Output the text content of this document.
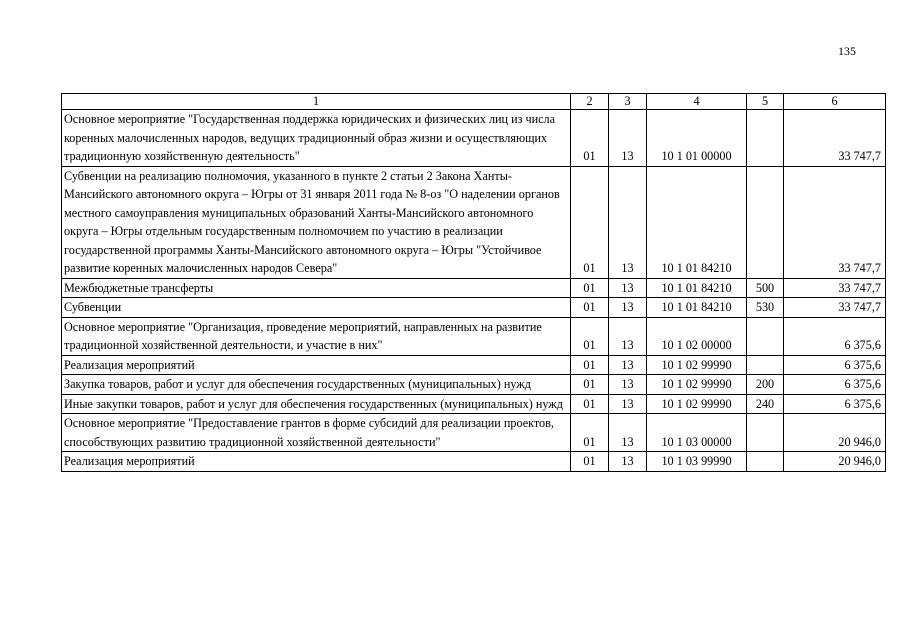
135
1	2	3	4	5	6
Основное мероприятие "Государственная поддержка юридических и физических лиц из числа коренных малочисленных народов, ведущих традиционный образ жизни и осуществляющих традиционную хозяйственную деятельность"	01	13	10 1 01 00000		33 747,7
Субвенции на реализацию полномочия, указанного в пункте 2 статьи 2 Закона Ханты-Мансийского автономного округа – Югры от 31 января 2011 года № 8-оз "О наделении органов местного самоуправления муниципальных образований Ханты-Мансийского автономного округа – Югры отдельным государственным полномочием по участию в реализации государственной программы Ханты-Мансийского автономного округа – Югры "Устойчивое развитие коренных малочисленных народов Севера"	01	13	10 1 01 84210		33 747,7
Межбюджетные трансферты	01	13	10 1 01 84210	500	33 747,7
Субвенции	01	13	10 1 01 84210	530	33 747,7
Основное мероприятие "Организация, проведение мероприятий, направленных на развитие традиционной хозяйственной деятельности, и участие в них"	01	13	10 1 02 00000		6 375,6
Реализация мероприятий	01	13	10 1 02 99990		6 375,6
Закупка товаров, работ и услуг для обеспечения государственных (муниципальных) нужд	01	13	10 1 02 99990	200	6 375,6
Иные закупки товаров, работ и услуг для обеспечения государственных (муниципальных) нужд	01	13	10 1 02 99990	240	6 375,6
Основное мероприятие "Предоставление грантов в форме субсидий для реализации проектов, способствующих развитию традиционной хозяйственной деятельности"	01	13	10 1 03 00000		20 946,0
Реализация мероприятий	01	13	10 1 03 99990		20 946,0
